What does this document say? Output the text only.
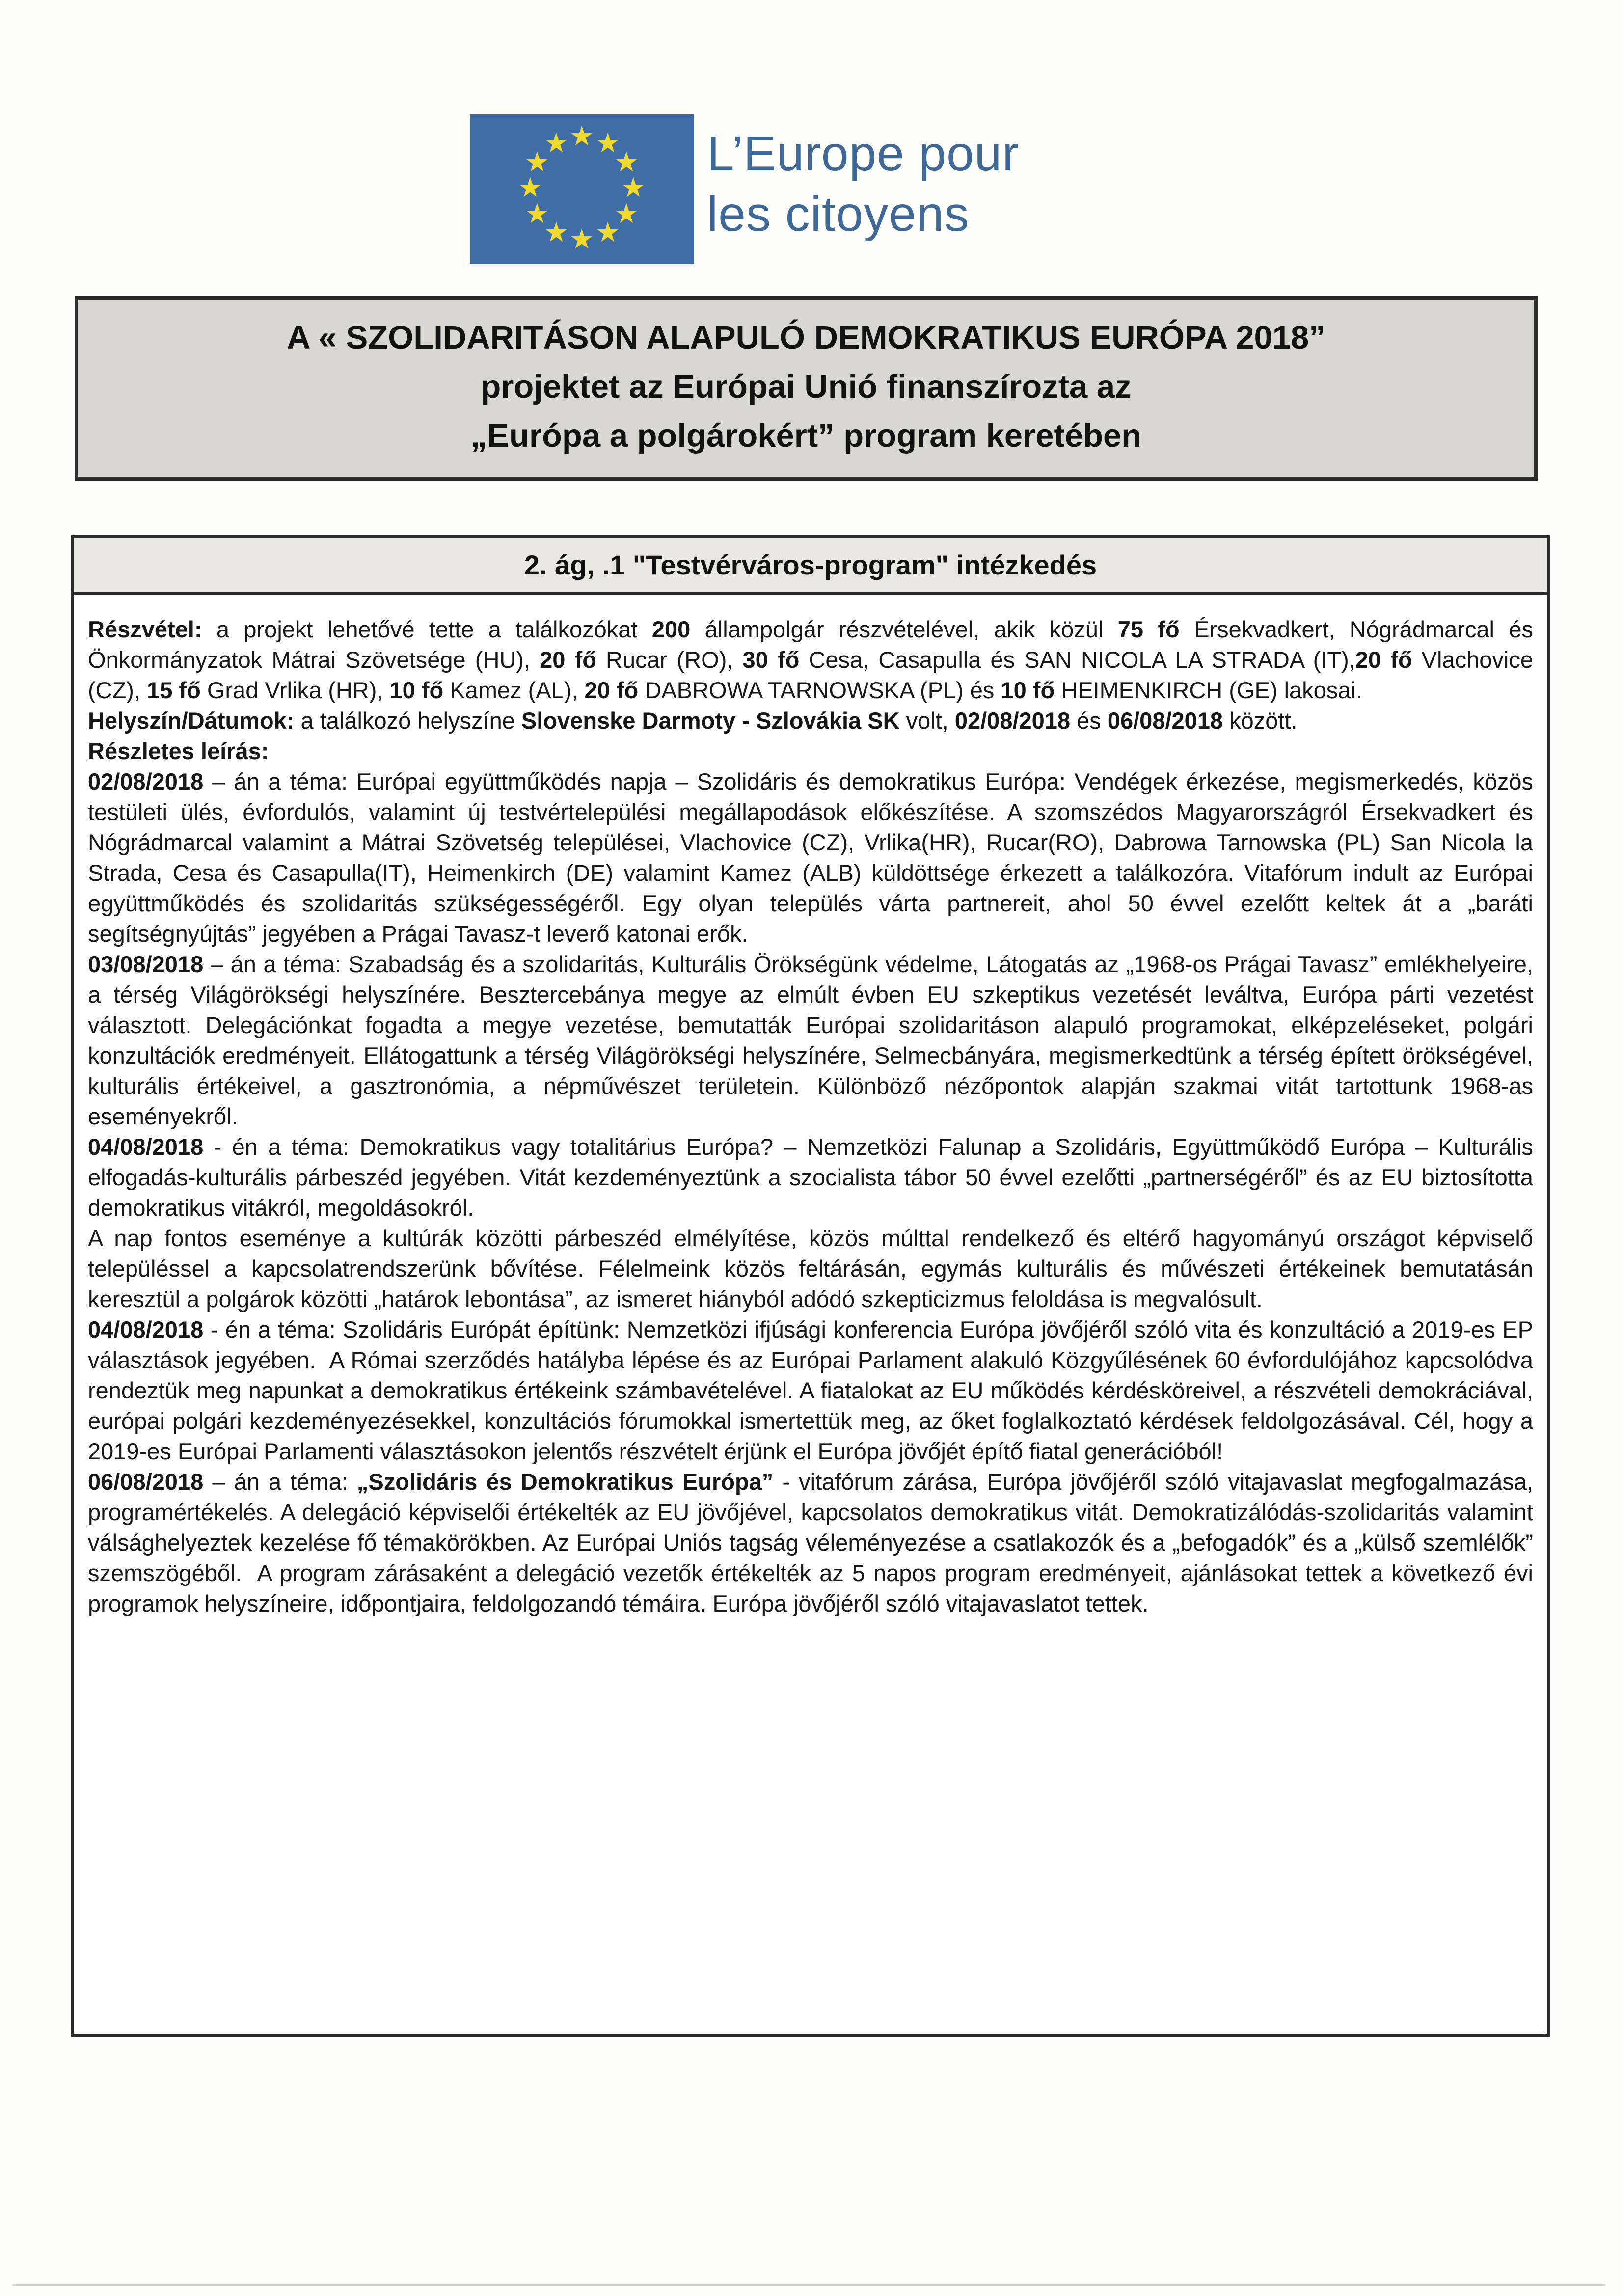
★ ★
★
★
★
★
★
★
★
★
★
★	L’Europe pour
les citoyens
A « SZOLIDARITÁSON ALAPULÓ DEMOKRATIKUS EURÓPA 2018”
projektet az Európai Unió finanszírozta az
„Európa a polgárokért” program keretében
2. ág, .1 "Testvérváros-program" intézkedés

Részvétel: a projekt lehetővé tette a találkozókat 200 állampolgár részvételével, akik közül 75 fő Érsekvadkert, Nógrádmarcal és Önkormányzatok Mátrai Szövetsége (HU), 20 fő Rucar (RO), 30 fő Cesa, Casapulla és SAN NICOLA LA STRADA (IT),20 fő Vlachovice (CZ), 15 fő Grad Vrlika (HR), 10 fő Kamez (AL), 20 fő DABROWA TARNOWSKA (PL) és 10 fő HEIMENKIRCH (GE) lakosai.

Helyszín/Dátumok: a találkozó helyszíne Slovenske Darmoty - Szlovákia SK volt, 02/08/2018 és 06/08/2018 között.

Részletes leírás:

02/08/2018 – án a téma: Európai együttműködés napja – Szolidáris és demokratikus Európa: Vendégek érkezése, megismerkedés, közös testületi ülés, évfordulós, valamint új testvértelepülési megállapodások előkészítése. A szomszédos Magyarországról Érsekvadkert és Nógrádmarcal valamint a Mátrai Szövetség települései, Vlachovice (CZ), Vrlika(HR), Rucar(RO), Dabrowa Tarnowska (PL) San Nicola la Strada, Cesa és Casapulla(IT), Heimenkirch (DE) valamint Kamez (ALB) küldöttsége érkezett a találkozóra. Vitafórum indult az Európai együttműködés és szolidaritás szükségességéről. Egy olyan település várta partnereit, ahol 50 évvel ezelőtt keltek át a „baráti segítségnyújtás” jegyében a Prágai Tavasz-t leverő katonai erők.

03/08/2018 – án a téma: Szabadság és a szolidaritás, Kulturális Örökségünk védelme, Látogatás az „1968-os Prágai Tavasz” emlékhelyeire, a térség Világörökségi helyszínére. Besztercebánya megye az elmúlt évben EU szkeptikus vezetését leváltva, Európa párti vezetést választott. Delegációnkat fogadta a megye vezetése, bemutatták Európai szolidaritáson alapuló programokat, elképzeléseket, polgári konzultációk eredményeit. Ellátogattunk a térség Világörökségi helyszínére, Selmecbányára, megismerkedtünk a térség épített örökségével, kulturális értékeivel, a gasztronómia, a népművészet területein. Különböző nézőpontok alapján szakmai vitát tartottunk 1968-as eseményekről.

04/08/2018 - én a téma: Demokratikus vagy totalitárius Európa? – Nemzetközi Falunap a Szolidáris, Együttműködő Európa – Kulturális elfogadás-kulturális párbeszéd jegyében. Vitát kezdeményeztünk a szocialista tábor 50 évvel ezelőtti „partnerségéről” és az EU biztosította demokratikus vitákról, megoldásokról.
A nap fontos eseménye a kultúrák közötti párbeszéd elmélyítése, közös múlttal rendelkező és eltérő hagyományú országot képviselő településsel a kapcsolatrendszerünk bővítése. Félelmeink közös feltárásán, egymás kulturális és művészeti értékeinek bemutatásán keresztül a polgárok közötti „határok lebontása”, az ismeret hiányból adódó szkepticizmus feloldása is megvalósult.

04/08/2018 - én a téma: Szolidáris Európát építünk: Nemzetközi ifjúsági konferencia Európa jövőjéről szóló vita és konzultáció a 2019-es EP választások jegyében.  A Római szerződés hatályba lépése és az Európai Parlament alakuló Közgyűlésének 60 évfordulójához kapcsolódva rendeztük meg napunkat a demokratikus értékeink számbavételével. A fiatalokat az EU működés kérdésköreivel, a részvételi demokráciával, európai polgári kezdeményezésekkel, konzultációs fórumokkal ismertettük meg, az őket foglalkoztató kérdések feldolgozásával. Cél, hogy a 2019-es Európai Parlamenti választásokon jelentős részvételt érjünk el Európa jövőjét építő fiatal generációból!

06/08/2018 – án a téma: „Szolidáris és Demokratikus Európa” - vitafórum zárása, Európa jövőjéről szóló vitajavaslat megfogalmazása, programértékelés. A delegáció képviselői értékelték az EU jövőjével, kapcsolatos demokratikus vitát. Demokratizálódás-szolidaritás valamint válsághelyeztek kezelése fő témakörökben. Az Európai Uniós tagság véleményezése a csatlakozók és a „befogadók” és a „külső szemlélők” szemszögéből.  A program zárásaként a delegáció vezetők értékelték az 5 napos program eredményeit, ajánlásokat tettek a következő évi programok helyszíneire, időpontjaira, feldolgozandó témáira. Európa jövőjéről szóló vitajavaslatot tettek.
